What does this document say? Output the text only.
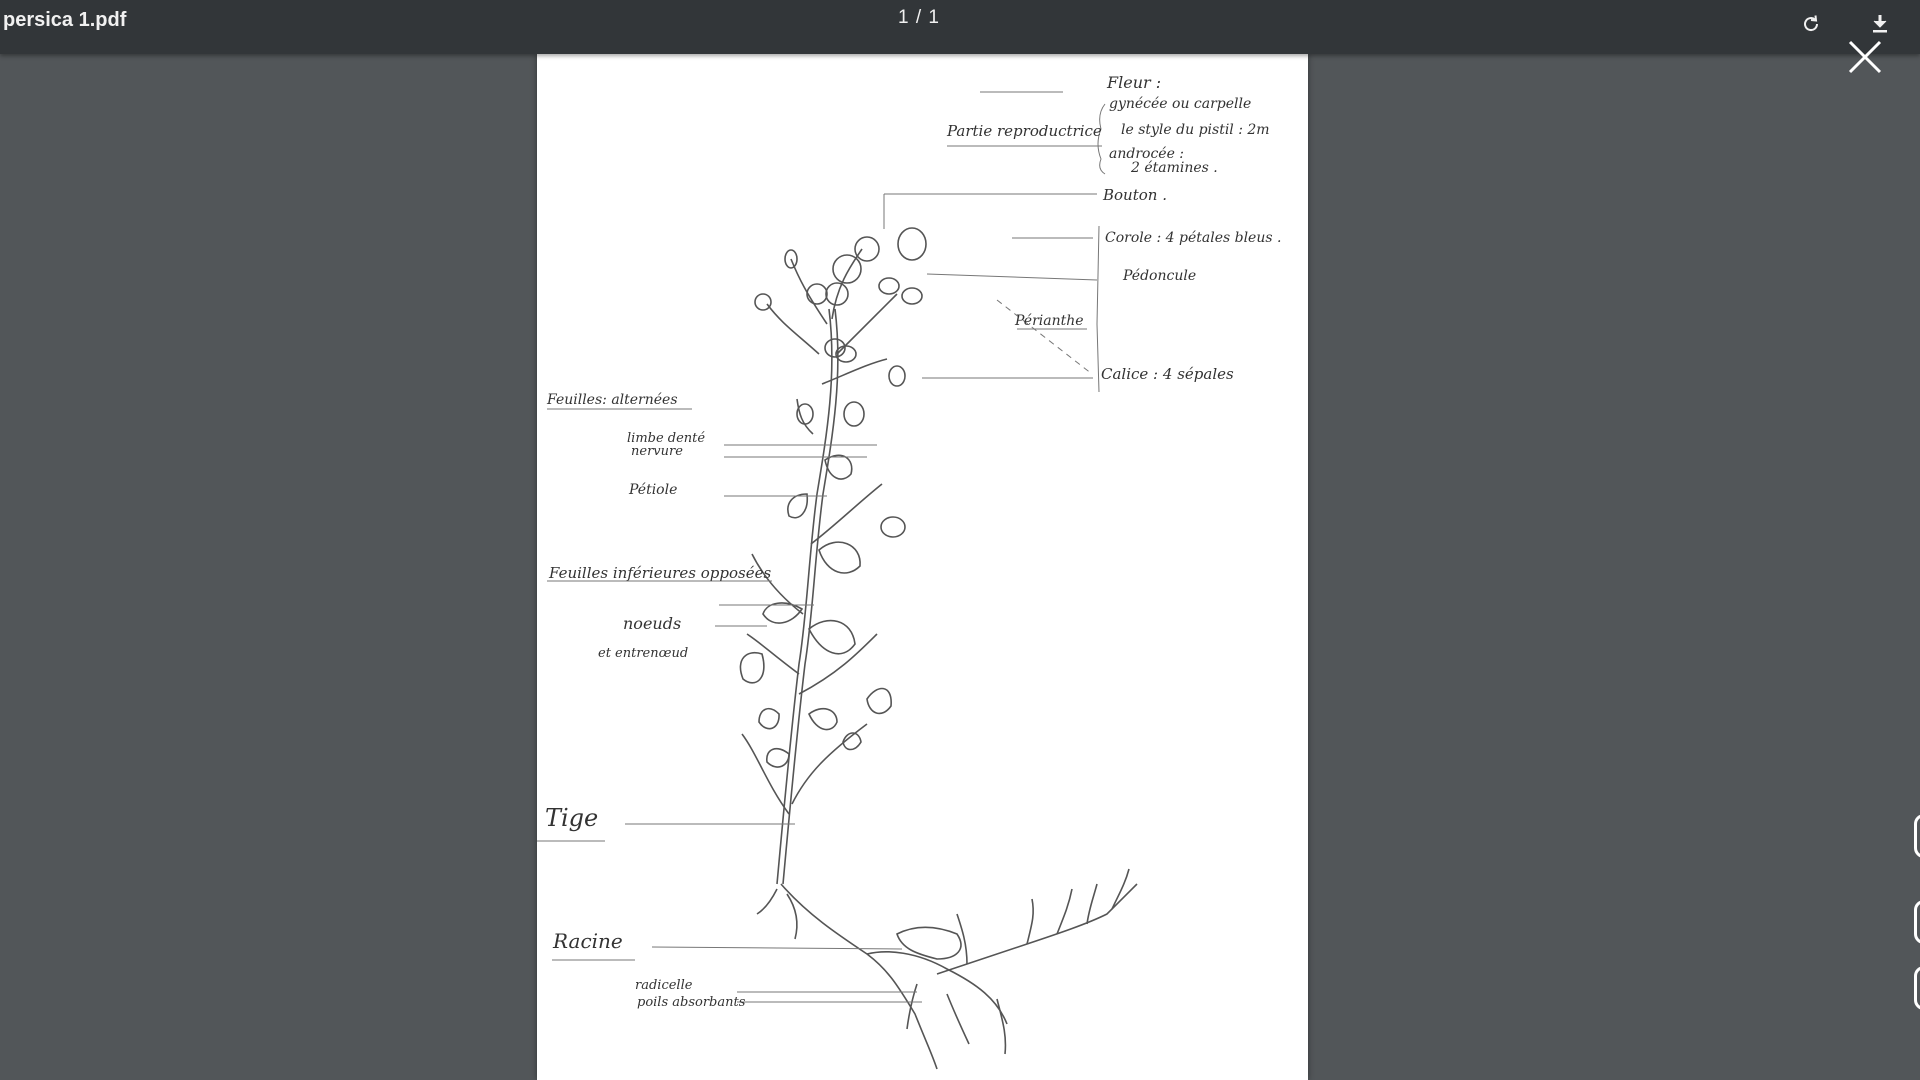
persica 1.pdf	1 / 1
Fleur :
Partie reproductrice
gynécée ou carpelle
le style du pistil : 2m
androcée :
2 étamines .
Bouton .
Corole : 4 pétales bleus .
Pédoncule
Périanthe
Calice : 4 sépales
Feuilles: alternées
limbe denté
nervure
Pétiole
Feuilles inférieures opposées
noeuds
et entrenœud
Tige
Racine
radicelle
poils absorbants
